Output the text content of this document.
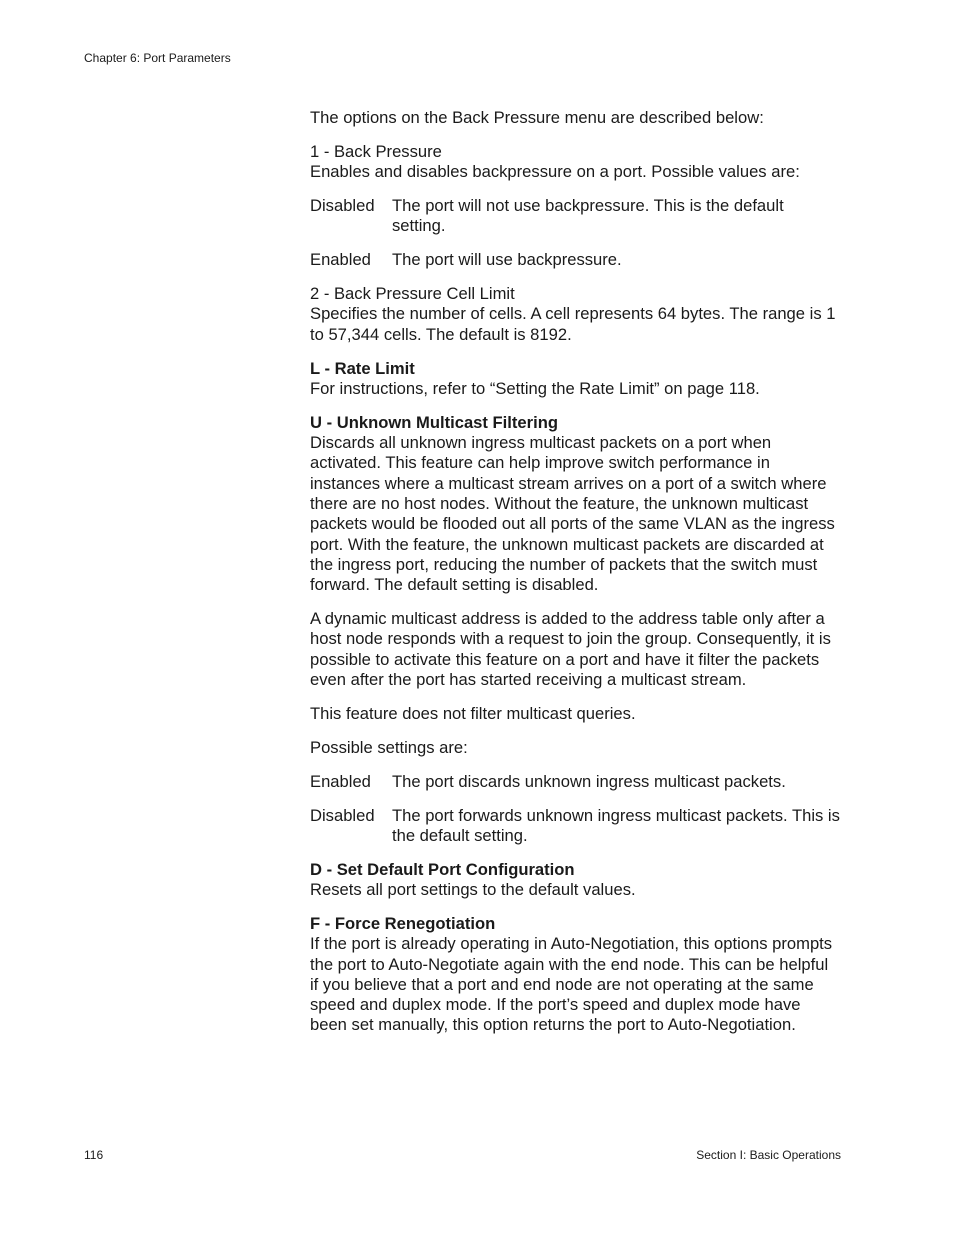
Chapter 6: Port Parameters

The options on the Back Pressure menu are described below:

1 - Back Pressure
Enables and disables backpressure on a port. Possible values are:

Disabled	The port will not use backpressure. This is the default setting.
Enabled	The port will use backpressure.

2 - Back Pressure Cell Limit
Specifies the number of cells. A cell represents 64 bytes. The range is 1 to 57,344 cells. The default is 8192.

L - Rate Limit
For instructions, refer to “Setting the Rate Limit” on page 118.

U - Unknown Multicast Filtering
Discards all unknown ingress multicast packets on a port when activated. This feature can help improve switch performance in instances where a multicast stream arrives on a port of a switch where there are no host nodes. Without the feature, the unknown multicast packets would be flooded out all ports of the same VLAN as the ingress port. With the feature, the unknown multicast packets are discarded at the ingress port, reducing the number of packets that the switch must forward. The default setting is disabled.

A dynamic multicast address is added to the address table only after a host node responds with a request to join the group. Consequently, it is possible to activate this feature on a port and have it filter the packets even after the port has started receiving a multicast stream.

This feature does not filter multicast queries.

Possible settings are:

Enabled	The port discards unknown ingress multicast packets.
Disabled	The port forwards unknown ingress multicast packets. This is the default setting.

D - Set Default Port Configuration
Resets all port settings to the default values.

F - Force Renegotiation
If the port is already operating in Auto-Negotiation, this options prompts the port to Auto-Negotiate again with the end node. This can be helpful if you believe that a port and end node are not operating at the same speed and duplex mode. If the port’s speed and duplex mode have been set manually, this option returns the port to Auto-Negotiation.

116	Section I: Basic Operations
